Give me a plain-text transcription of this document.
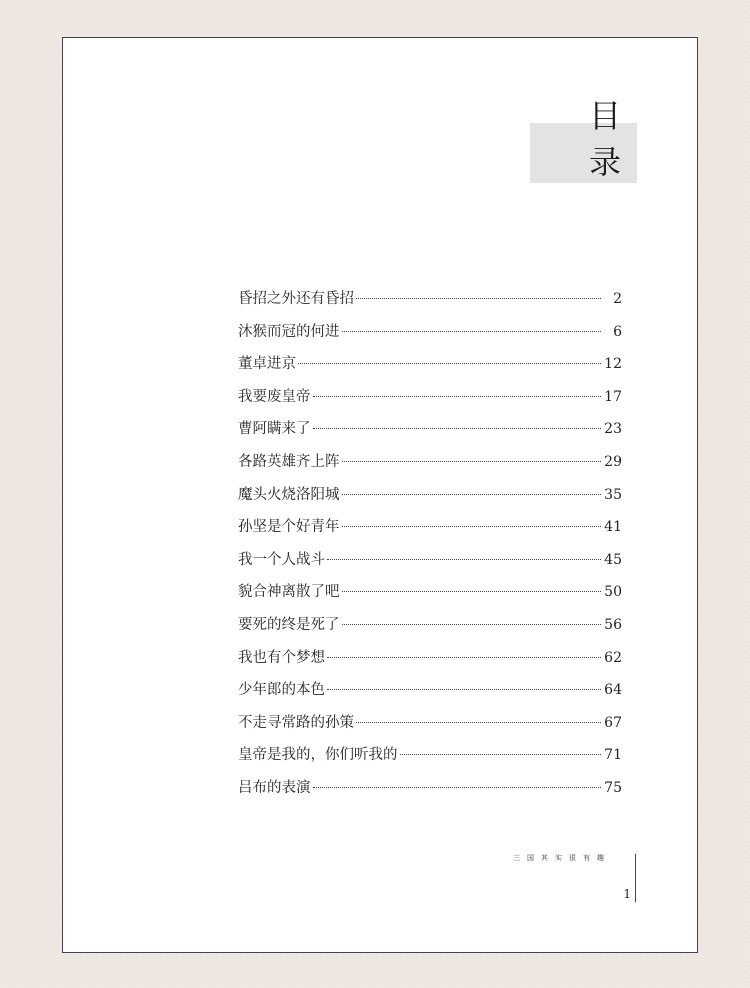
目
录
昏招之外还有昏招	2
沐猴而冠的何进	6
董卓进京	12
我要废皇帝	17
曹阿瞒来了	23
各路英雄齐上阵	29
魔头火烧洛阳城	35
孙坚是个好青年	41
我一个人战斗	45
貌合神离散了吧	50
要死的终是死了	56
我也有个梦想	62
少年郎的本色	64
不走寻常路的孙策	67
皇帝是我的，你们听我的	71
吕布的表演	75
三国其实很有趣
1
